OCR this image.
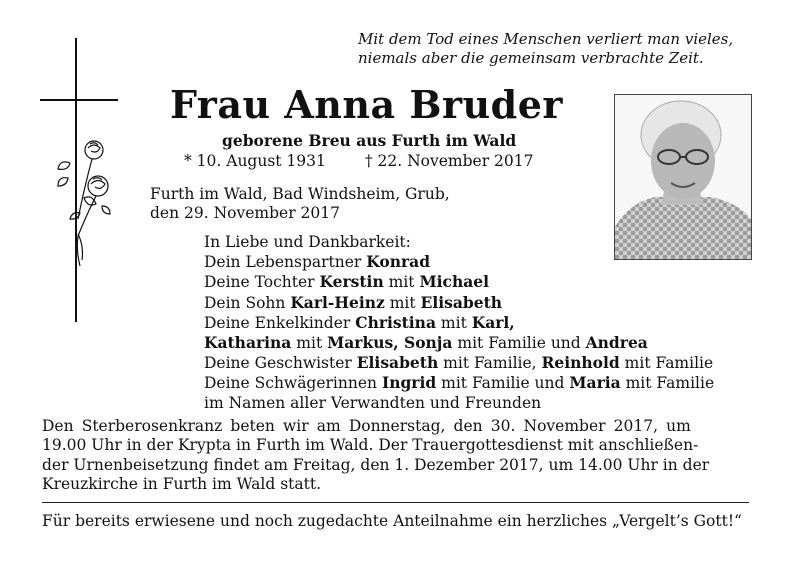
Mit dem Tod eines Menschen verliert man vieles,
niemals aber die gemeinsam verbrachte Zeit.
Frau Anna Bruder
geborene Breu aus Furth im Wald
* 10. August 1931	† 22. November 2017
Furth im Wald, Bad Windsheim, Grub,
den 29. November 2017
In Liebe und Dankbarkeit:
Dein Lebenspartner Konrad
Deine Tochter Kerstin mit Michael
Dein Sohn Karl-Heinz mit Elisabeth
Deine Enkelkinder Christina mit Karl,
Katharina mit Markus, Sonja mit Familie und Andrea
Deine Geschwister Elisabeth mit Familie, Reinhold mit Familie
Deine Schwägerinnen Ingrid mit Familie und Maria mit Familie
im Namen aller Verwandten und Freunden
Den Sterberosenkranz beten wir am Donnerstag, den 30. November 2017, um
19.00 Uhr in der Krypta in Furth im Wald. Der Trauergottesdienst mit anschließen-
der Urnenbeisetzung findet am Freitag, den 1. Dezember 2017, um 14.00 Uhr in der
Kreuzkirche in Furth im Wald statt.
Für bereits erwiesene und noch zugedachte Anteilnahme ein herzliches „Vergelt’s Gott!“
